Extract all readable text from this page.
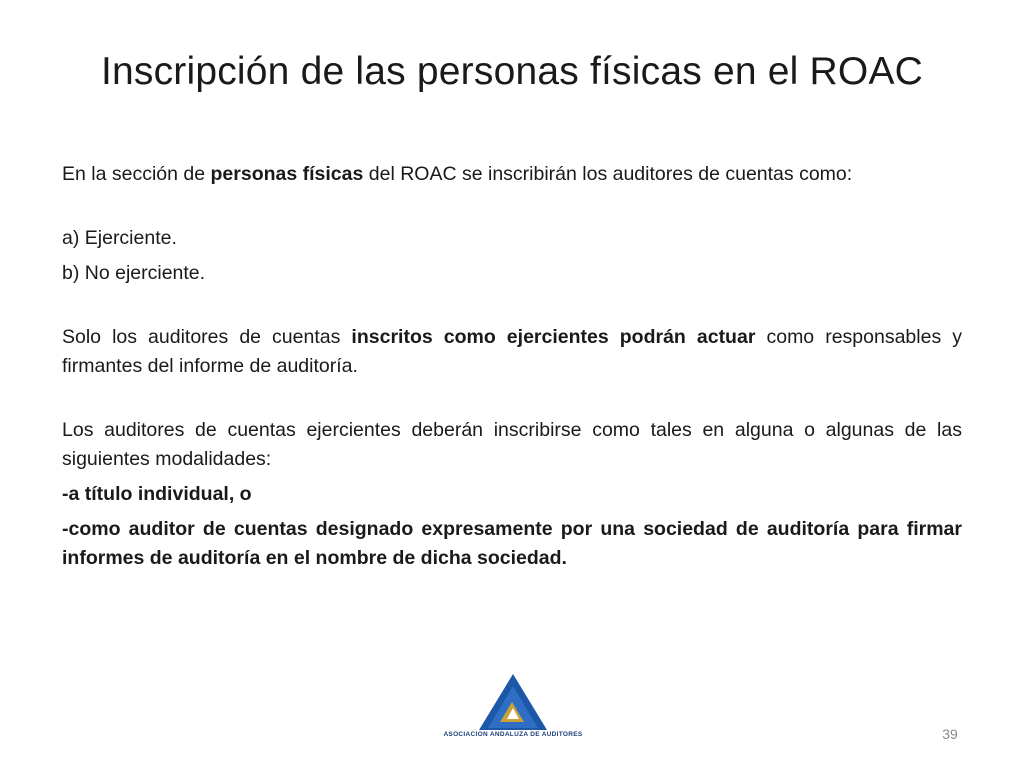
Inscripción de las personas físicas en el ROAC

En la sección de personas físicas del ROAC se inscribirán los auditores de cuentas como:

a) Ejerciente.

b) No ejerciente.

Solo los auditores de cuentas inscritos como ejercientes podrán actuar como responsables y firmantes del informe de auditoría.

Los auditores de cuentas ejercientes deberán inscribirse como tales en alguna o algunas de las siguientes modalidades:

-a título individual, o

-como auditor de cuentas designado expresamente por una sociedad de auditoría para firmar informes de auditoría en el nombre de dicha sociedad.

ASOCIACION ANDALUZA DE AUDITORES	39
